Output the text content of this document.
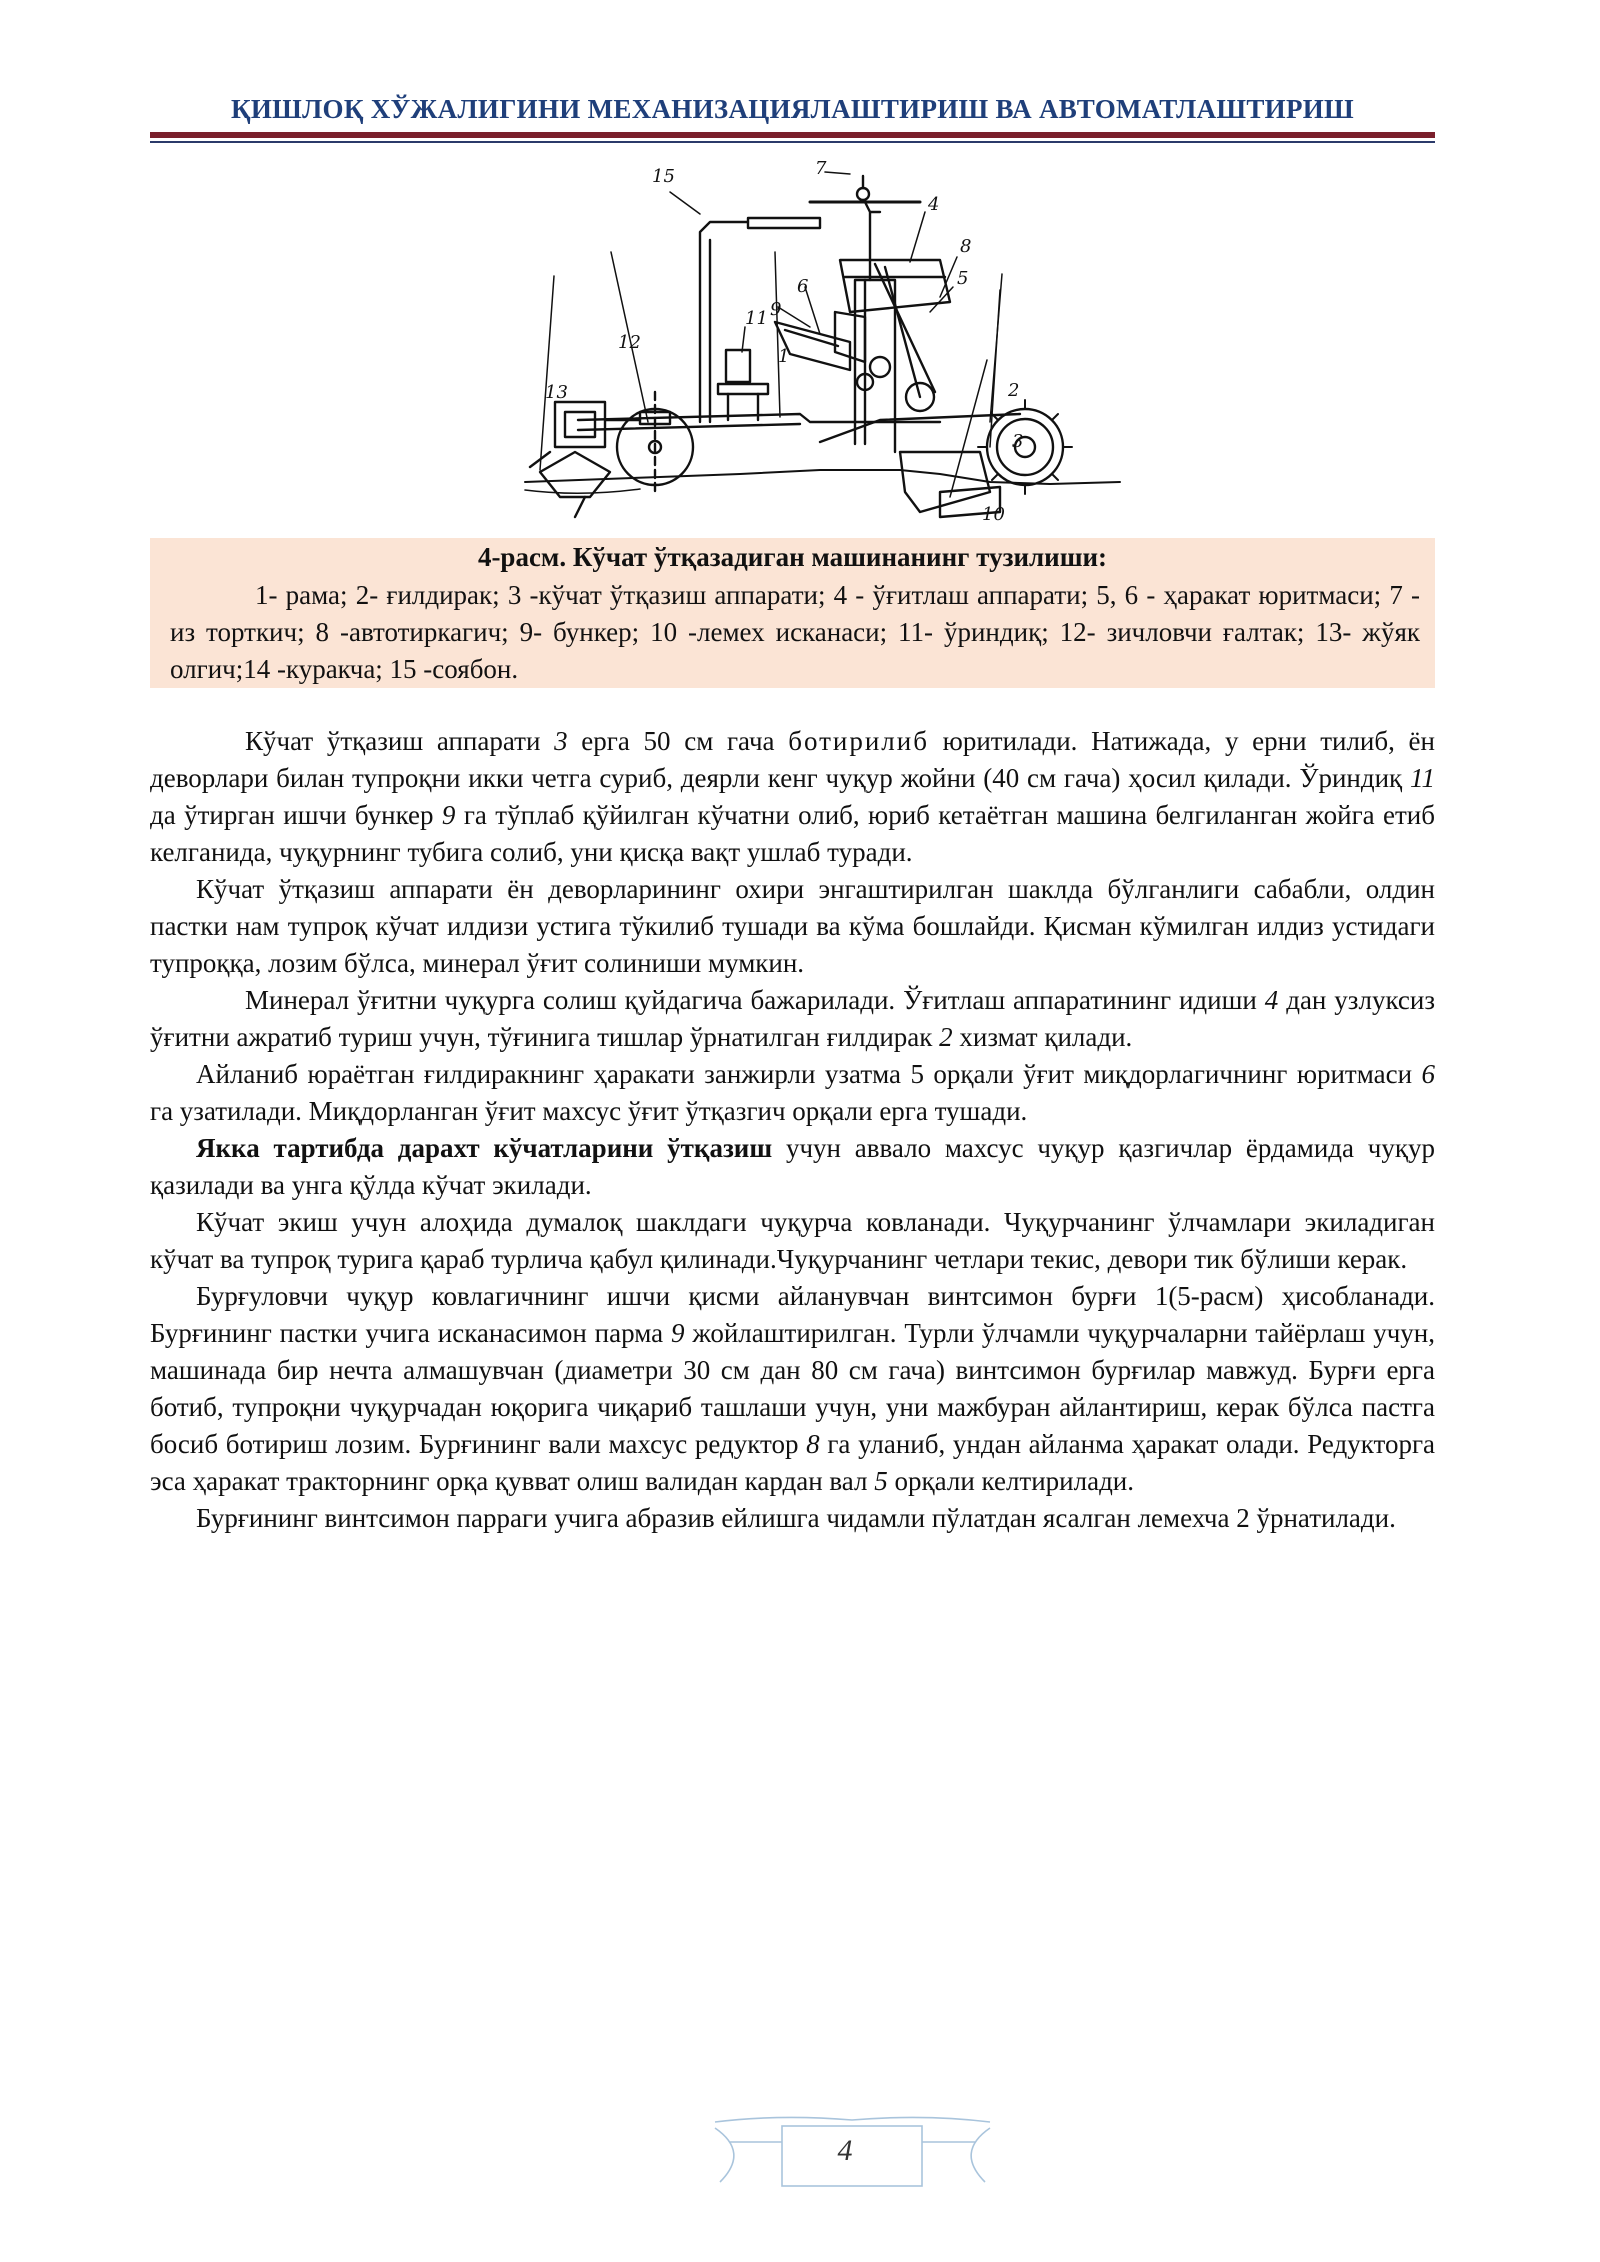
ҚИШЛОҚ ХЎЖАЛИГИНИ МЕХАНИЗАЦИЯЛАШТИРИШ ВА АВТОМАТЛАШТИРИШ
15	7
4
8
6
9
11
5
12
1
13	2
3
10
4-расм. Кўчат ўтқазадиган машинанинг тузилиши:
1- рама; 2- ғилдирак; 3 -кўчат ўтқазиш аппарати; 4 - ўғитлаш аппарати; 5, 6 - ҳаракат юритмаси; 7 - из торткич; 8 -автотиркагич; 9- бункер; 10 -лемех исканаси; 11- ўриндиқ; 12- зичловчи ғалтак; 13- жўяк олгич;14 -куракча; 15 -соябон.

Кўчат ўтқазиш аппарати 3 ерга 50 см гача ботирилиб юритилади. Натижада, у ерни тилиб, ён деворлари билан тупроқни икки четга суриб, деярли кенг чуқур жойни (40 см гача) ҳосил қилади. Ўриндиқ 11 да ўтирган ишчи бункер 9 га тўплаб қўйилган кўчатни олиб, юриб кетаётган машина белгиланган жойга етиб келганида, чуқурнинг тубига солиб, уни қисқа вақт ушлаб туради.

Кўчат ўтқазиш аппарати ён деворларининг охири энгаштирилган шаклда бўлганлиги сабабли, олдин пастки нам тупроқ кўчат илдизи устига тўкилиб тушади ва кўма бошлайди. Қисман кўмилган илдиз устидаги тупроққа, лозим бўлса, минерал ўғит солиниши мумкин.

Минерал ўғитни чуқурга солиш қуйдагича бажарилади. Ўғитлаш аппаратининг идиши 4 дан узлуксиз ўғитни ажратиб туриш учун, тўғинига тишлар ўрнатилган ғилдирак 2 хизмат қилади.

Айланиб юраётган ғилдиракнинг ҳаракати занжирли узатма 5 орқали ўғит миқдорлагичнинг юритмаси 6 га узатилади. Миқдорланган ўғит махсус ўғит ўтқазгич орқали ерга тушади.

Якка тартибда дарахт кўчатларини ўтқазиш учун аввало махсус чуқур қазгичлар ёрдамида чуқур қазилади ва унга қўлда кўчат экилади.

Кўчат экиш учун алоҳида думалоқ шаклдаги чуқурча ковланади. Чуқурчанинг ўлчамлари экиладиган кўчат ва тупроқ турига қараб турлича қабул қилинади.Чуқурчанинг четлари текис, девори тик бўлиши керак.

Бурғуловчи чуқур ковлагичнинг ишчи қисми айланувчан винтсимон бурғи 1(5-расм) ҳисобланади. Бурғининг пастки учига исканасимон парма 9 жойлаштирилган. Турли ўлчамли чуқурчаларни тайёрлаш учун, машинада бир нечта алмашувчан (диаметри 30 см дан 80 см гача) винтсимон бурғилар мавжуд. Бурғи ерга ботиб, тупроқни чуқурчадан юқорига чиқариб ташлаши учун, уни мажбуран айлантириш, керак бўлса пастга босиб ботириш лозим. Бурғининг вали махсус редуктор 8 га уланиб, ундан айланма ҳаракат олади. Редукторга эса ҳаракат тракторнинг орқа қувват олиш валидан кардан вал 5 орқали келтирилади.

Бурғининг винтсимон парраги учига абразив ейлишга чидамли пўлатдан ясалган лемехча 2 ўрнатилади.

4
